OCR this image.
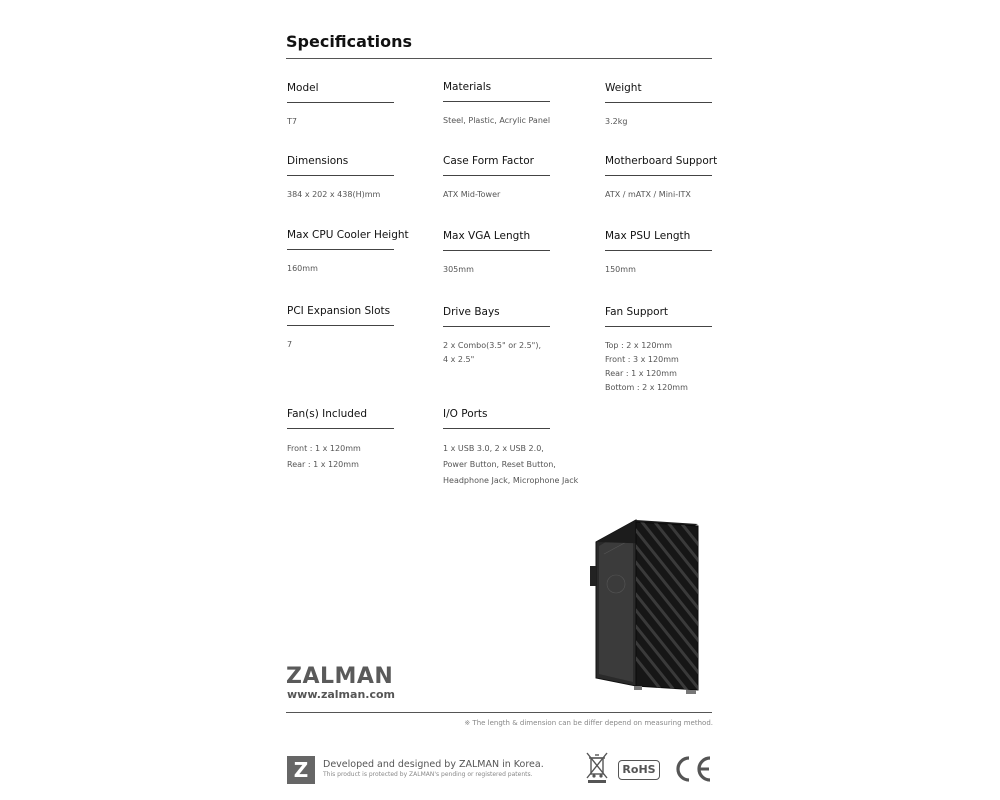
Specifications
Model
T7
Materials
Steel, Plastic, Acrylic Panel
Weight
3.2kg
Dimensions
384 x 202 x 438(H)mm
Case Form Factor
ATX Mid-Tower
Motherboard Support
ATX / mATX / Mini-ITX
Max CPU Cooler Height
160mm
Max VGA Length
305mm
Max PSU Length
150mm
PCI Expansion Slots
7
Drive Bays
2 x Combo(3.5" or 2.5"),
4 x 2.5"
Fan Support
Top : 2 x 120mm
Front : 3 x 120mm
Rear : 1 x 120mm
Bottom : 2 x 120mm
Fan(s) Included
Front : 1 x 120mm
Rear : 1 x 120mm
I/O Ports
1 x USB 3.0, 2 x USB 2.0,
Power Button, Reset Button,
Headphone Jack, Microphone Jack
ZALMAN
www.zalman.com
※ The length & dimension can be differ depend on measuring method.
Z	Developed and designed by ZALMAN in Korea.
This product is protected by ZALMAN's pending or registered patents.	RoHS
